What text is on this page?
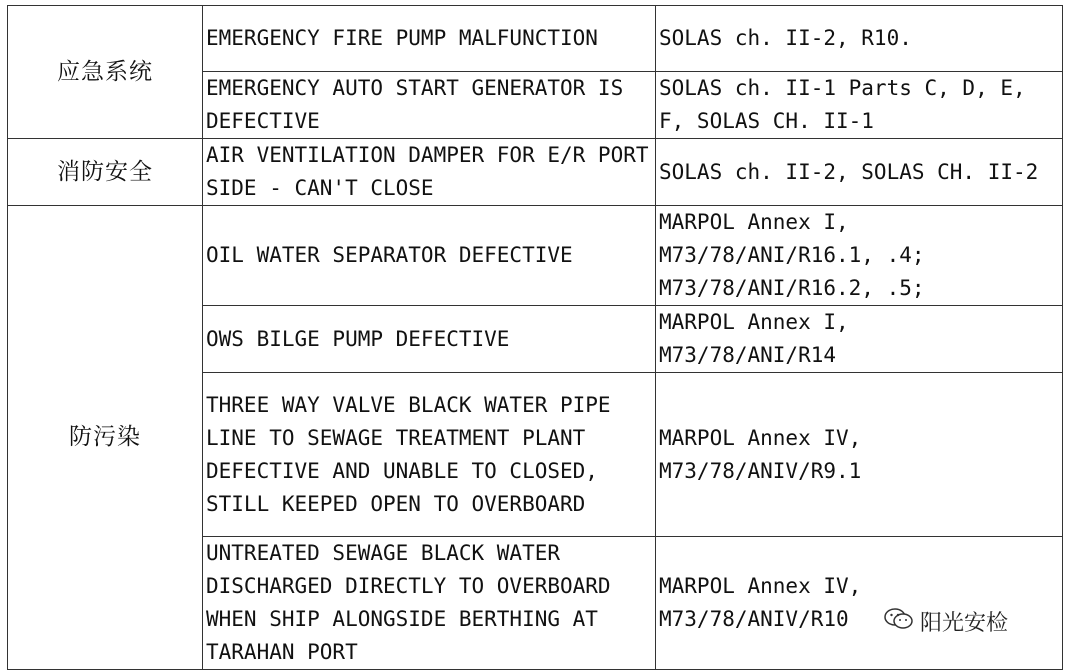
应急系统	EMERGENCY FIRE PUMP MALFUNCTION	SOLAS ch. II-2, R10.
	EMERGENCY AUTO START GENERATOR IS DEFECTIVE	SOLAS ch. II-1 Parts C, D, E, F, SOLAS CH. II-1
消防安全	AIR VENTILATION DAMPER FOR E/R PORT SIDE - CAN'T CLOSE	SOLAS ch. II-2, SOLAS CH. II-2
防污染	OIL WATER SEPARATOR DEFECTIVE	MARPOL Annex I,
M73/78/ANI/R16.1, .4;
M73/78/ANI/R16.2, .5;
	OWS BILGE PUMP DEFECTIVE	MARPOL Annex I,
M73/78/ANI/R14
	THREE WAY VALVE BLACK WATER PIPE LINE TO SEWAGE TREATMENT PLANT DEFECTIVE AND UNABLE TO CLOSED, STILL KEEPED OPEN TO OVERBOARD	MARPOL Annex IV,
M73/78/ANIV/R9.1
	UNTREATED SEWAGE BLACK WATER DISCHARGED DIRECTLY TO OVERBOARD WHEN SHIP ALONGSIDE BERTHING AT TARAHAN PORT	MARPOL Annex IV,
M73/78/ANIV/R10	阳光安检
